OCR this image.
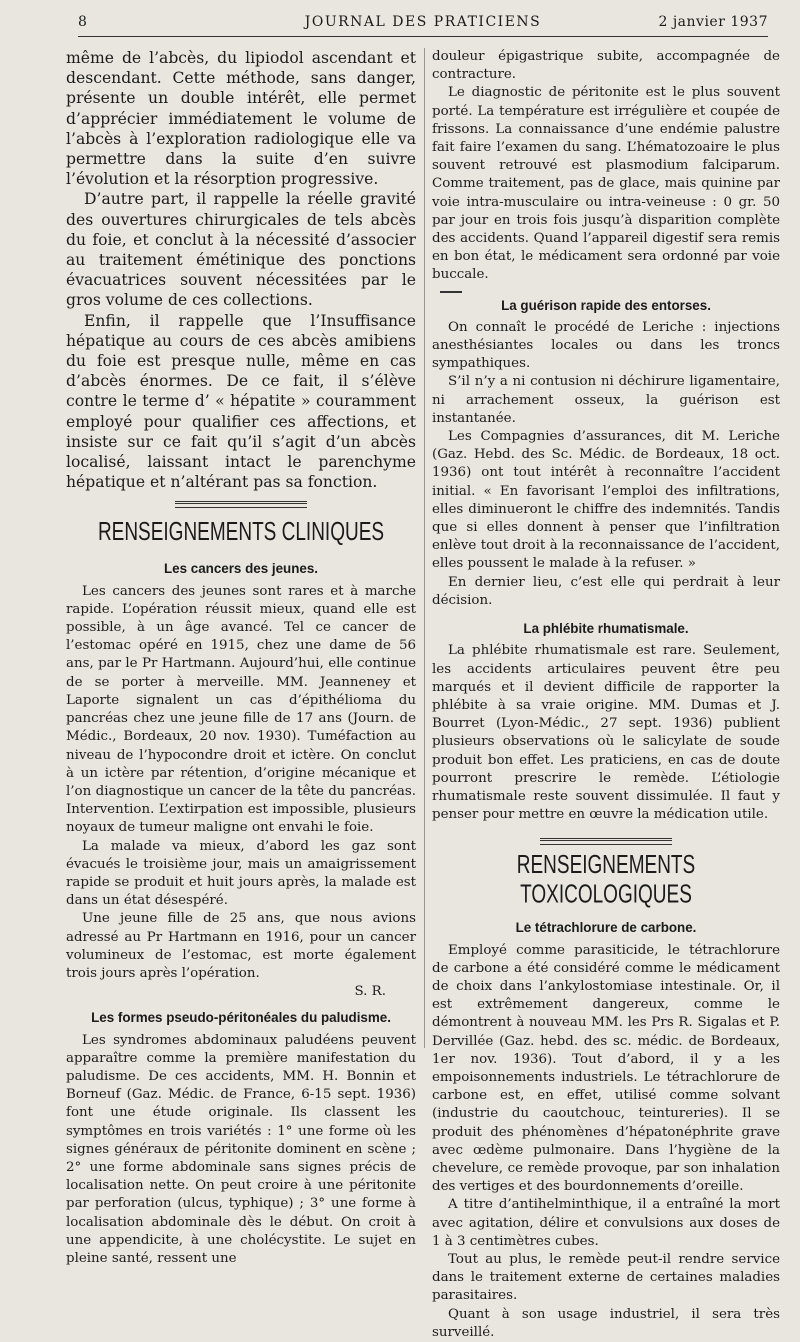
8	JOURNAL DES PRATICIENS	2 janvier 1937

même de l’abcès, du lipiodol ascendant et descendant. Cette méthode, sans danger, présente un double intérêt, elle permet d’apprécier immédiatement le volume de l’abcès à l’exploration radiologique elle va permettre dans la suite d’en suivre l’évolution et la résorption progressive.

D’autre part, il rappelle la réelle gravité des ouvertures chirurgicales de tels abcès du foie, et conclut à la nécessité d’associer au traitement émétinique des ponctions évacuatrices souvent nécessitées par le gros volume de ces collections.

Enfin, il rappelle que l’Insuffisance hépatique au cours de ces abcès amibiens du foie est presque nulle, même en cas d’abcès énormes. De ce fait, il s’élève contre le terme d’ « hépatite » couramment employé pour qualifier ces affections, et insiste sur ce fait qu’il s’agit d’un abcès localisé, laissant intact le parenchyme hépatique et n’altérant pas sa fonction.

RENSEIGNEMENTS CLINIQUES
Les cancers des jeunes.

Les cancers des jeunes sont rares et à marche rapide. L’opération réussit mieux, quand elle est possible, à un âge avancé. Tel ce cancer de l’estomac opéré en 1915, chez une dame de 56 ans, par le Pr Hartmann. Aujourd’hui, elle continue de se porter à merveille. MM. Jeanneney et Laporte signalent un cas d’épithélioma du pancréas chez une jeune fille de 17 ans (Journ. de Médic., Bordeaux, 20 nov. 1930). Tuméfaction au niveau de l’hypocondre droit et ictère. On conclut à un ictère par rétention, d’origine mécanique et l’on diagnostique un cancer de la tête du pancréas. Intervention. L’extirpation est impossible, plusieurs noyaux de tumeur maligne ont envahi le foie.

La malade va mieux, d’abord les gaz sont évacués le troisième jour, mais un amaigrissement rapide se produit et huit jours après, la malade est dans un état désespéré.

Une jeune fille de 25 ans, que nous avions adressé au Pr Hartmann en 1916, pour un cancer volumineux de l’estomac, est morte également trois jours après l’opération.

S. R.

Les formes pseudo-péritonéales du paludisme.

Les syndromes abdominaux paludéens peuvent apparaître comme la première manifestation du paludisme. De ces accidents, MM. H. Bonnin et Borneuf (Gaz. Médic. de France, 6-15 sept. 1936) font une étude originale. Ils classent les symptômes en trois variétés : 1° une forme où les signes généraux de péritonite dominent en scène ; 2° une forme abdominale sans signes précis de localisation nette. On peut croire à une péritonite par perforation (ulcus, typhique) ; 3° une forme à localisation abdominale dès le début. On croit à une appendicite, à une cholécystite. Le sujet en pleine santé, ressent une

douleur épigastrique subite, accompagnée de contracture.

Le diagnostic de péritonite est le plus souvent porté. La température est irrégulière et coupée de frissons. La connaissance d’une endémie palustre fait faire l’examen du sang. L’hématozoaire le plus souvent retrouvé est plasmodium falciparum. Comme traitement, pas de glace, mais quinine par voie intra-musculaire ou intra-veineuse : 0 gr. 50 par jour en trois fois jusqu’à disparition complète des accidents. Quand l’appareil digestif sera remis en bon état, le médicament sera ordonné par voie buccale.

La guérison rapide des entorses.

On connaît le procédé de Leriche : injections anesthésiantes locales ou dans les troncs sympathiques.

S’il n’y a ni contusion ni déchirure ligamentaire, ni arrachement osseux, la guérison est instantanée.

Les Compagnies d’assurances, dit M. Leriche (Gaz. Hebd. des Sc. Médic. de Bordeaux, 18 oct. 1936) ont tout intérêt à reconnaître l’accident initial. « En favorisant l’emploi des infiltrations, elles diminueront le chiffre des indemnités. Tandis que si elles donnent à penser que l’infiltration enlève tout droit à la reconnaissance de l’accident, elles poussent le malade à la refuser. »

En dernier lieu, c’est elle qui perdrait à leur décision.

La phlébite rhumatismale.

La phlébite rhumatismale est rare. Seulement, les accidents articulaires peuvent être peu marqués et il devient difficile de rapporter la phlébite à sa vraie origine. MM. Dumas et J. Bourret (Lyon-Médic., 27 sept. 1936) publient plusieurs observations où le salicylate de soude produit bon effet. Les praticiens, en cas de doute pourront prescrire le remède. L’étiologie rhumatismale reste souvent dissimulée. Il faut y penser pour mettre en œuvre la médication utile.

RENSEIGNEMENTS TOXICOLOGIQUES
Le tétrachlorure de carbone.

Employé comme parasiticide, le tétrachlorure de carbone a été considéré comme le médicament de choix dans l’ankylostomiase intestinale. Or, il est extrêmement dangereux, comme le démontrent à nouveau MM. les Prs R. Sigalas et P. Dervillée (Gaz. hebd. des sc. médic. de Bordeaux, 1er nov. 1936). Tout d’abord, il y a les empoisonnements industriels. Le tétrachlorure de carbone est, en effet, utilisé comme solvant (industrie du caoutchouc, teintureries). Il se produit des phénomènes d’hépatonéphrite grave avec œdème pulmonaire. Dans l’hygiène de la chevelure, ce remède provoque, par son inhalation des vertiges et des bourdonnements d’oreille.

A titre d’antihelminthique, il a entraîné la mort avec agitation, délire et convulsions aux doses de 1 à 3 centimètres cubes.

Tout au plus, le remède peut-il rendre service dans le traitement externe de certaines maladies parasitaires.

Quant à son usage industriel, il sera très surveillé.
